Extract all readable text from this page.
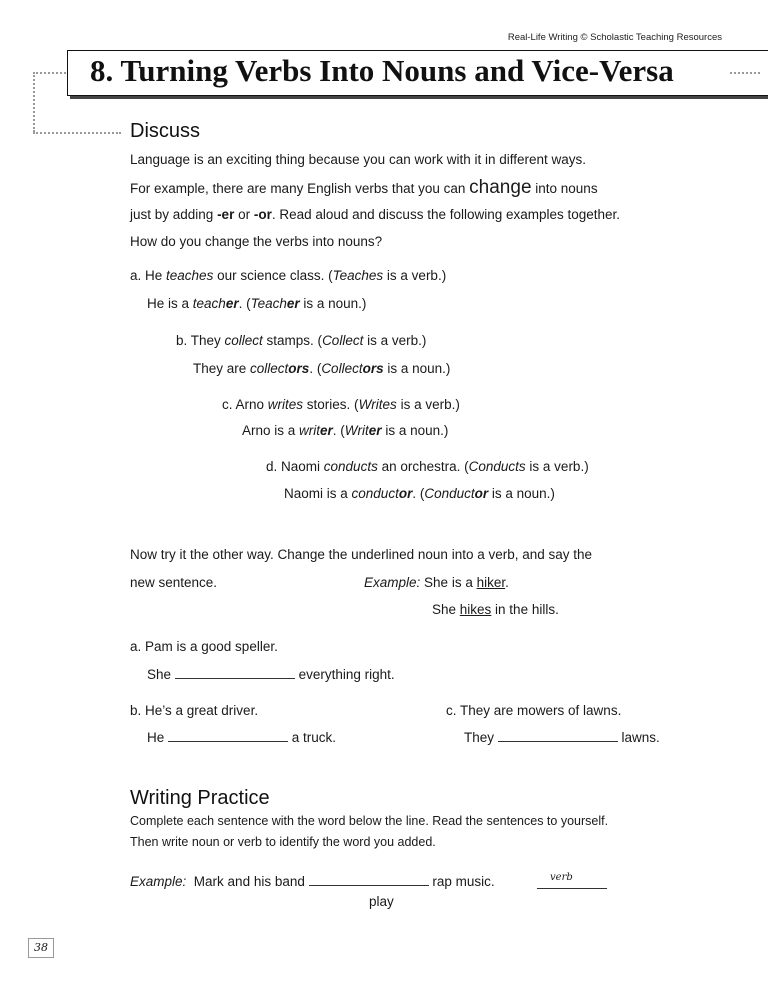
Real-Life Writing © Scholastic Teaching Resources
8. Turning Verbs Into Nouns and Vice-Versa
Discuss
Language is an exciting thing because you can work with it in different ways.
For example, there are many English verbs that you can change into nouns
just by adding -er or -or. Read aloud and discuss the following examples together.
How do you change the verbs into nouns?
a. He teaches our science class. (Teaches is a verb.)
He is a teacher. (Teacher is a noun.)
b. They collect stamps. (Collect is a verb.)
They are collectors. (Collectors is a noun.)
c. Arno writes stories. (Writes is a verb.)
Arno is a writer. (Writer is a noun.)
d. Naomi conducts an orchestra. (Conducts is a verb.)
Naomi is a conductor. (Conductor is a noun.)
Now try it the other way. Change the underlined noun into a verb, and say the
new sentence.	Example: She is a hiker.
She hikes in the hills.
a. Pam is a good speller.
She	everything right.
b. He’s a great driver.
He	a truck.
c. They are mowers of lawns.
They	lawns.
Writing Practice
Complete each sentence with the word below the line. Read the sentences to yourself.
Then write noun or verb to identify the word you added.
Example: Mark and his band	rap music.	verb
play
38
